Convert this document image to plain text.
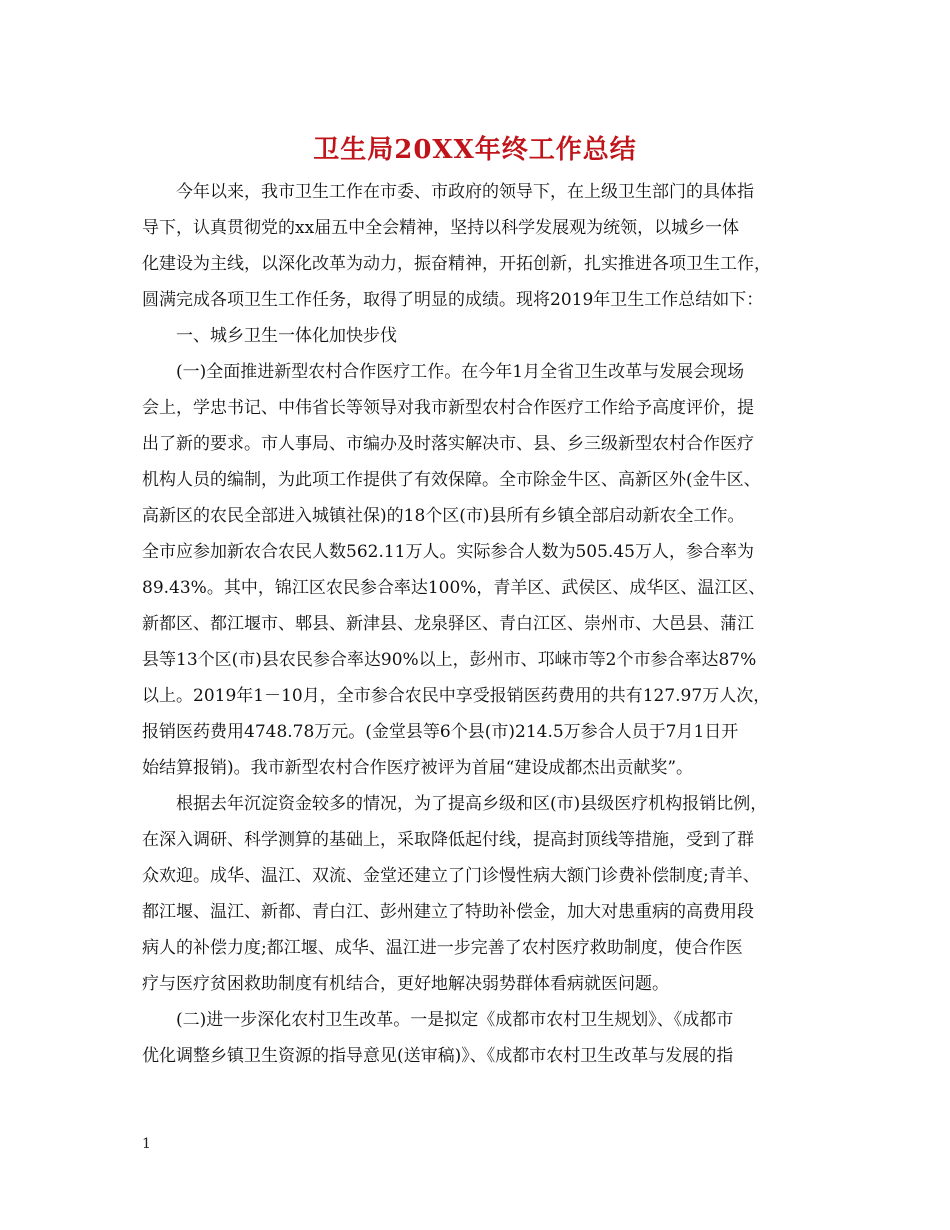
卫生局20XX年终工作总结
今年以来，我市卫生工作在市委、市政府的领导下，在上级卫生部门的具体指
导下，认真贯彻党的xx届五中全会精神，坚持以科学发展观为统领，以城乡一体
化建设为主线，以深化改革为动力，振奋精神，开拓创新，扎实推进各项卫生工作，
圆满完成各项卫生工作任务，取得了明显的成绩。现将2019年卫生工作总结如下：
一、城乡卫生一体化加快步伐
(一)全面推进新型农村合作医疗工作。在今年1月全省卫生改革与发展会现场
会上，学忠书记、中伟省长等领导对我市新型农村合作医疗工作给予高度评价，提
出了新的要求。市人事局、市编办及时落实解决市、县、乡三级新型农村合作医疗
机构人员的编制，为此项工作提供了有效保障。全市除金牛区、高新区外(金牛区、
高新区的农民全部进入城镇社保)的18个区(市)县所有乡镇全部启动新农全工作。
全市应参加新农合农民人数562.11万人。实际参合人数为505.45万人，参合率为
89.43%。其中，锦江区农民参合率达100%，青羊区、武侯区、成华区、温江区、
新都区、都江堰市、郫县、新津县、龙泉驿区、青白江区、崇州市、大邑县、蒲江
县等13个区(市)县农民参合率达90%以上，彭州市、邛崃市等2个市参合率达87%
以上。2019年1－10月，全市参合农民中享受报销医药费用的共有127.97万人次，
报销医药费用4748.78万元。(金堂县等6个县(市)214.5万参合人员于7月1日开
始结算报销)。我市新型农村合作医疗被评为首届“建设成都杰出贡献奖”。
根据去年沉淀资金较多的情况，为了提高乡级和区(市)县级医疗机构报销比例，
在深入调研、科学测算的基础上，采取降低起付线，提高封顶线等措施，受到了群
众欢迎。成华、温江、双流、金堂还建立了门诊慢性病大额门诊费补偿制度;青羊、
都江堰、温江、新都、青白江、彭州建立了特助补偿金，加大对患重病的高费用段
病人的补偿力度;都江堰、成华、温江进一步完善了农村医疗救助制度，使合作医
疗与医疗贫困救助制度有机结合，更好地解决弱势群体看病就医问题。
(二)进一步深化农村卫生改革。一是拟定《成都市农村卫生规划》、《成都市
优化调整乡镇卫生资源的指导意见(送审稿)》、《成都市农村卫生改革与发展的指
1
